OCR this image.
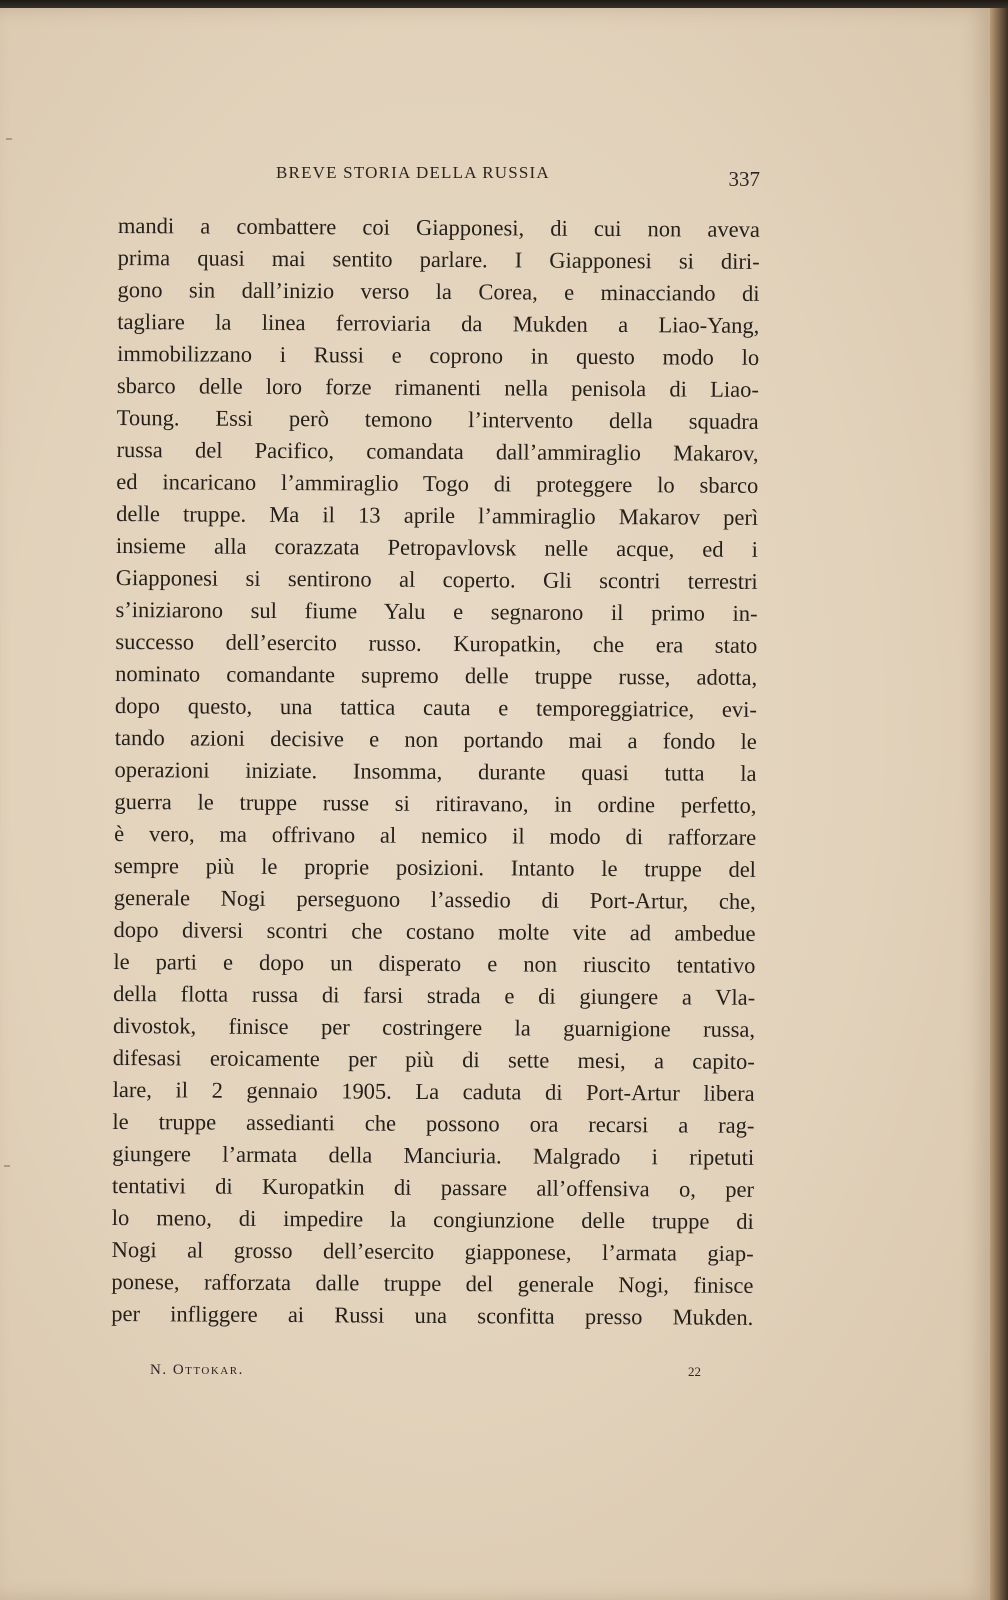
BREVE STORIA DELLA RUSSIA	337
mandi a combattere coi Giapponesi, di cui non aveva
prima quasi mai sentito parlare. I Giapponesi si diri-
gono sin dall’inizio verso la Corea, e minacciando di
tagliare la linea ferroviaria da Mukden a Liao-Yang,
immobilizzano i Russi e coprono in questo modo lo
sbarco delle loro forze rimanenti nella penisola di Liao-
Toung. Essi però temono l’intervento della squadra
russa del Pacifico, comandata dall’ammiraglio Makarov,
ed incaricano l’ammiraglio Togo di proteggere lo sbarco
delle truppe. Ma il 13 aprile l’ammiraglio Makarov perì
insieme alla corazzata Petropavlovsk nelle acque, ed i
Giapponesi si sentirono al coperto. Gli scontri terrestri
s’iniziarono sul fiume Yalu e segnarono il primo in-
successo dell’esercito russo. Kuropatkin, che era stato
nominato comandante supremo delle truppe russe, adotta,
dopo questo, una tattica cauta e temporeggiatrice, evi-
tando azioni decisive e non portando mai a fondo le
operazioni iniziate. Insomma, durante quasi tutta la
guerra le truppe russe si ritiravano, in ordine perfetto,
è vero, ma offrivano al nemico il modo di rafforzare
sempre più le proprie posizioni. Intanto le truppe del
generale Nogi perseguono l’assedio di Port-Artur, che,
dopo diversi scontri che costano molte vite ad ambedue
le parti e dopo un disperato e non riuscito tentativo
della flotta russa di farsi strada e di giungere a Vla-
divostok, finisce per costringere la guarnigione russa,
difesasi eroicamente per più di sette mesi, a capito-
lare, il 2 gennaio 1905. La caduta di Port-Artur libera
le truppe assedianti che possono ora recarsi a rag-
giungere l’armata della Manciuria. Malgrado i ripetuti
tentativi di Kuropatkin di passare all’offensiva o, per
lo meno, di impedire la congiunzione delle truppe di
Nogi al grosso dell’esercito giapponese, l’armata giap-
ponese, rafforzata dalle truppe del generale Nogi, finisce
per infliggere ai Russi una sconfitta presso Mukden.
N. Ottokar.	22
